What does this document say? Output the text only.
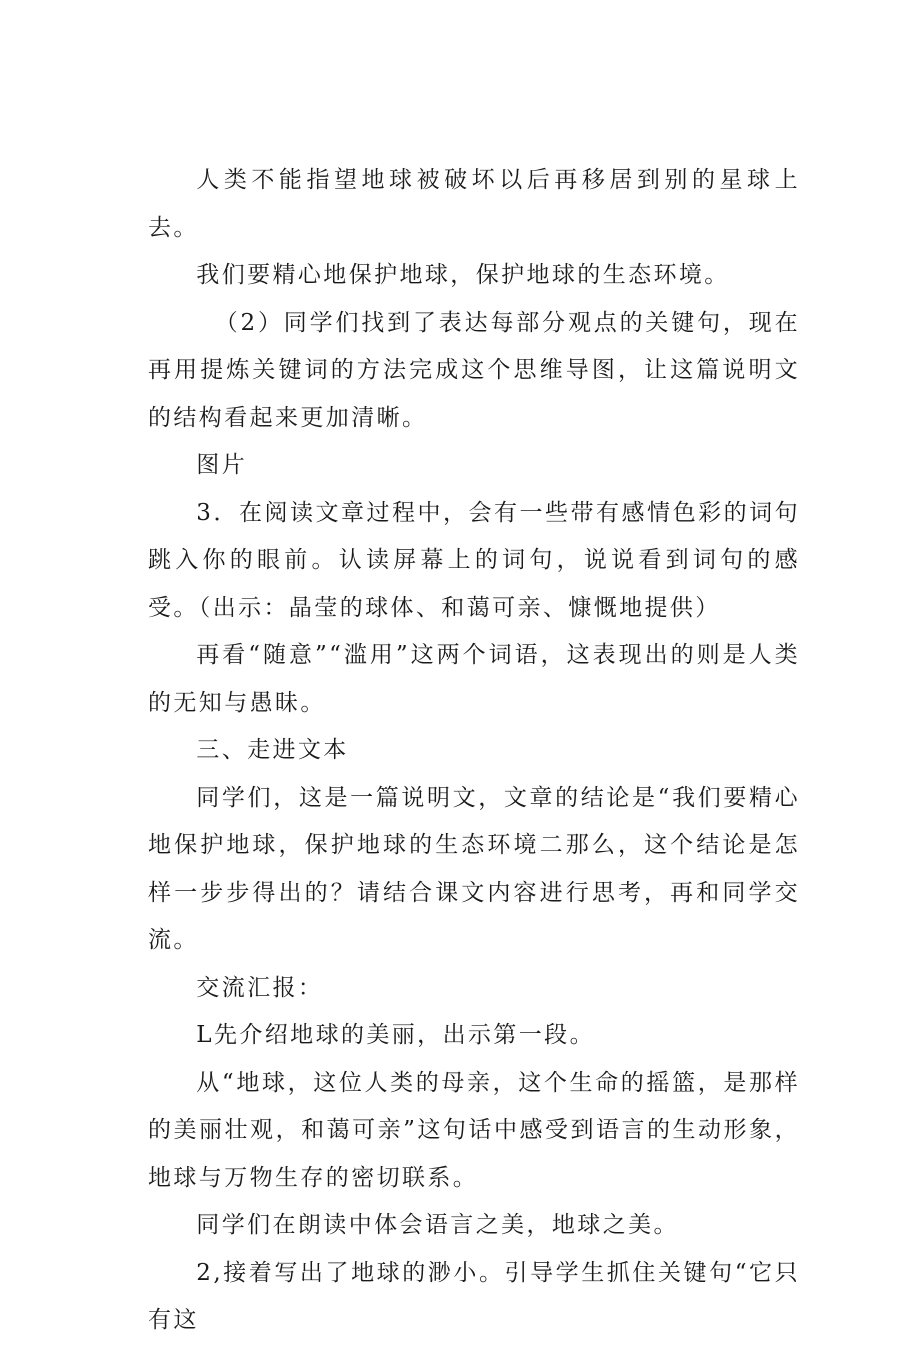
人类不能指望地球被破坏以后再移居到别的星球上去。

我们要精心地保护地球，保护地球的生态环境。

（2）同学们找到了表达每部分观点的关键句，现在再用提炼关键词的方法完成这个思维导图，让这篇说明文的结构看起来更加清晰。

图片

3．在阅读文章过程中，会有一些带有感情色彩的词句跳入你的眼前。认读屏幕上的词句，说说看到词句的感受。（出示：晶莹的球体、和蔼可亲、慷慨地提供）

再看“随意”“滥用”这两个词语，这表现出的则是人类的无知与愚昧。

三、走进文本

同学们，这是一篇说明文，文章的结论是“我们要精心地保护地球，保护地球的生态环境二那么，这个结论是怎样一步步得出的？请结合课文内容进行思考，再和同学交流。

交流汇报：

L先介绍地球的美丽，出示第一段。

从“地球，这位人类的母亲，这个生命的摇篮，是那样的美丽壮观，和蔼可亲”这句话中感受到语言的生动形象，地球与万物生存的密切联系。

同学们在朗读中体会语言之美，地球之美。

2,接着写出了地球的渺小。引导学生抓住关键句“它只有这
